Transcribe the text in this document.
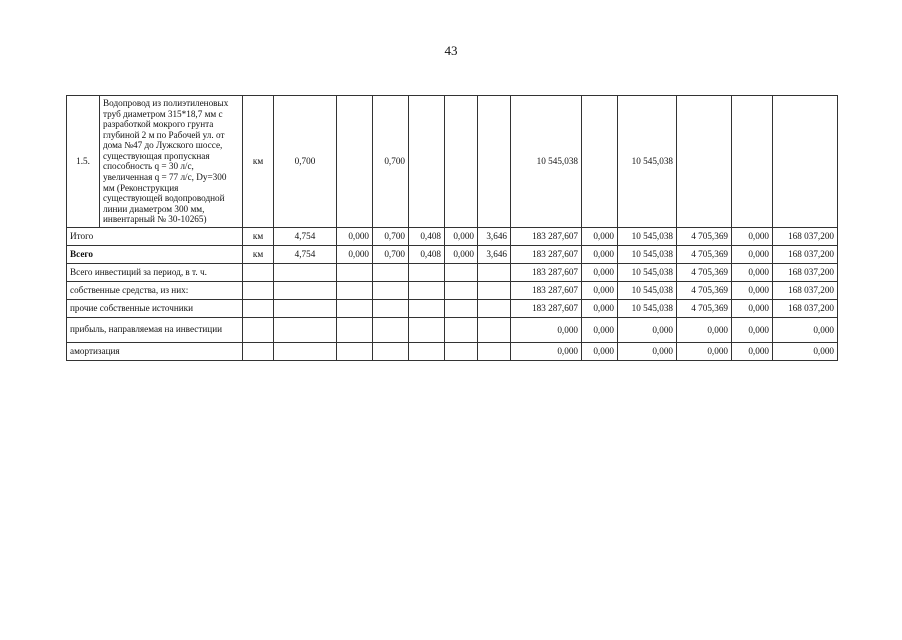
43
1.5.	Водопровод из полиэтиленовых труб диаметром 315*18,7 мм с разработкой мокрого грунта глубиной 2 м по Рабочей ул. от дома №47 до Лужского шоссе, существующая пропускная способность q = 30 л/с, увеличенная q = 77 л/с, Dy=300 мм (Реконструкция существующей водопроводной линии диаметром 300 мм, инвентарный № 30-10265)	км	0,700		0,700				10 545,038		10 545,038			
Итого		км	4,754	0,000	0,700	0,408	0,000	3,646	183 287,607	0,000	10 545,038	4 705,369	0,000	168 037,200
Всего		км	4,754	0,000	0,700	0,408	0,000	3,646	183 287,607	0,000	10 545,038	4 705,369	0,000	168 037,200
Всего инвестиций за период, в т. ч.									183 287,607	0,000	10 545,038	4 705,369	0,000	168 037,200
собственные средства, из них:									183 287,607	0,000	10 545,038	4 705,369	0,000	168 037,200
прочие собственные источники									183 287,607	0,000	10 545,038	4 705,369	0,000	168 037,200
прибыль, направляемая на инвестиции									0,000	0,000	0,000	0,000	0,000	0,000
амортизация									0,000	0,000	0,000	0,000	0,000	0,000
